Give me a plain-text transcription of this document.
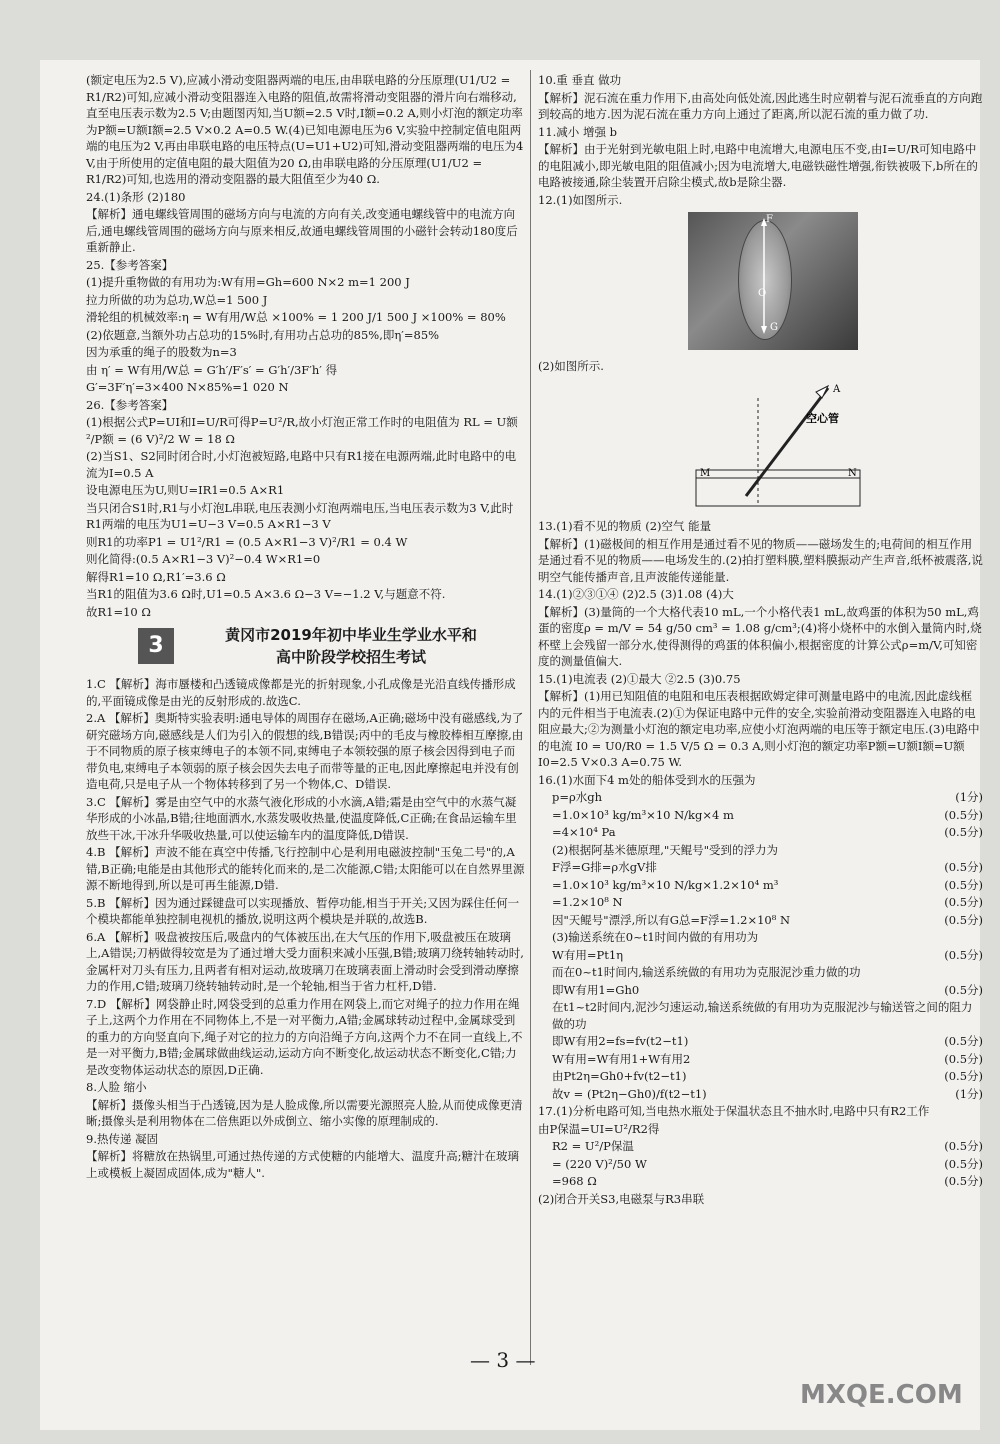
(额定电压为2.5 V),应减小滑动变阻器两端的电压,由串联电路的分压原理(U1/U2 = R1/R2)可知,应减小滑动变阻器连入电路的阻值,故需将滑动变阻器的滑片向右端移动,直至电压表示数为2.5 V;由题图丙知,当U额=2.5 V时,I额=0.2 A,则小灯泡的额定功率为P额=U额I额=2.5 V×0.2 A=0.5 W.(4)已知电源电压为6 V,实验中控制定值电阻两端的电压为2 V,再由串联电路的电压特点(U=U1+U2)可知,滑动变阻器两端的电压为4 V,由于所使用的定值电阻的最大阻值为20 Ω,由串联电路的分压原理(U1/U2 = R1/R2)可知,也选用的滑动变阻器的最大阻值至少为40 Ω.
24.(1)条形 (2)180
【解析】通电螺线管周围的磁场方向与电流的方向有关,改变通电螺线管中的电流方向后,通电螺线管周围的磁场方向与原来相反,故通电螺线管周围的小磁针会转动180度后重新静止.
25.【参考答案】
(1)提升重物做的有用功为:W有用=Gh=600 N×2 m=1 200 J
拉力所做的功为总功,W总=1 500 J
滑轮组的机械效率:η = W有用/W总 ×100% = 1 200 J/1 500 J ×100% = 80%
(2)依题意,当额外功占总功的15%时,有用功占总功的85%,即η′=85%
因为承重的绳子的股数为n=3
由 η′ = W有用/W总 = G′h′/F′s′ = G′h′/3F′h′ 得
G′=3F′η′=3×400 N×85%=1 020 N
26.【参考答案】
(1)根据公式P=UI和I=U/R可得P=U²/R,故小灯泡正常工作时的电阻值为 RL = U额²/P额 = (6 V)²/2 W = 18 Ω
(2)当S1、S2同时闭合时,小灯泡被短路,电路中只有R1接在电源两端,此时电路中的电流为I=0.5 A
设电源电压为U,则U=IR1=0.5 A×R1
当只闭合S1时,R1与小灯泡L串联,电压表测小灯泡两端电压,当电压表示数为3 V,此时R1两端的电压为U1=U−3 V=0.5 A×R1−3 V
则R1的功率P1 = U1²/R1 = (0.5 A×R1−3 V)²/R1 = 0.4 W
则化简得:(0.5 A×R1−3 V)²−0.4 W×R1=0
解得R1=10 Ω,R1′=3.6 Ω
当R1的阻值为3.6 Ω时,U1=0.5 A×3.6 Ω−3 V=−1.2 V,与题意不符.
故R1=10 Ω
3	黄冈市2019年初中毕业生学业水平和
高中阶段学校招生考试
1.C 【解析】海市蜃楼和凸透镜成像都是光的折射现象,小孔成像是光沿直线传播形成的,平面镜成像是由光的反射形成的.故选C.
2.A 【解析】奥斯特实验表明:通电导体的周围存在磁场,A正确;磁场中没有磁感线,为了研究磁场方向,磁感线是人们为引入的假想的线,B错误;丙中的毛皮与橡胶棒相互摩擦,由于不同物质的原子核束缚电子的本领不同,束缚电子本领较强的原子核会因得到电子而带负电,束缚电子本领弱的原子核会因失去电子而带等量的正电,因此摩擦起电并没有创造电荷,只是电子从一个物体转移到了另一个物体,C、D错误.
3.C 【解析】雾是由空气中的水蒸气液化形成的小水滴,A错;霜是由空气中的水蒸气凝华形成的小冰晶,B错;往地面洒水,水蒸发吸收热量,使温度降低,C正确;在食品运输车里放些干冰,干冰升华吸收热量,可以使运输车内的温度降低,D错误.
4.B 【解析】声波不能在真空中传播,飞行控制中心是利用电磁波控制"玉兔二号"的,A错,B正确;电能是由其他形式的能转化而来的,是二次能源,C错;太阳能可以在自然界里源源不断地得到,所以是可再生能源,D错.
5.B 【解析】因为通过踩键盘可以实现播放、暂停功能,相当于开关;又因为踩住任何一个模块都能单独控制电视机的播放,说明这两个模块是并联的,故选B.
6.A 【解析】吸盘被按压后,吸盘内的气体被压出,在大气压的作用下,吸盘被压在玻璃上,A错误;刀柄做得较宽是为了通过增大受力面积来减小压强,B错;玻璃刀绕转轴转动时,金属杆对刀头有压力,且两者有相对运动,故玻璃刀在玻璃表面上滑动时会受到滑动摩擦力的作用,C错;玻璃刀绕转轴转动时,是一个轮轴,相当于省力杠杆,D错.
7.D 【解析】网袋静止时,网袋受到的总重力作用在网袋上,而它对绳子的拉力作用在绳子上,这两个力作用在不同物体上,不是一对平衡力,A错;金属球转动过程中,金属球受到的重力的方向竖直向下,绳子对它的拉力的方向沿绳子方向,这两个力不在同一直线上,不是一对平衡力,B错;金属球做曲线运动,运动方向不断变化,故运动状态不断变化,C错;力是改变物体运动状态的原因,D正确.
8.人脸 缩小
【解析】摄像头相当于凸透镜,因为是人脸成像,所以需要光源照亮人脸,从而使成像更清晰;摄像头是利用物体在二倍焦距以外成倒立、缩小实像的原理制成的.
9.热传递 凝固
【解析】将糖放在热锅里,可通过热传递的方式使糖的内能增大、温度升高;糖汁在玻璃上或模板上凝固成固体,成为"糖人".
10.重 垂直 做功
【解析】泥石流在重力作用下,由高处向低处流,因此逃生时应朝着与泥石流垂直的方向跑到较高的地方.因为泥石流在重力方向上通过了距离,所以泥石流的重力做了功.
11.减小 增强 b
【解析】由于光射到光敏电阻上时,电路中电流增大,电源电压不变,由I=U/R可知电路中的电阻减小,即光敏电阻的阻值减小;因为电流增大,电磁铁磁性增强,衔铁被吸下,b所在的电路被接通,除尘装置开启除尘模式,故b是除尘器.
12.(1)如图所示.
F
O
G
(2)如图所示.
M	N
A
空心管
13.(1)看不见的物质 (2)空气 能量
【解析】(1)磁极间的相互作用是通过看不见的物质——磁场发生的;电荷间的相互作用是通过看不见的物质——电场发生的.(2)拍打塑料膜,塑料膜振动产生声音,纸杯被震落,说明空气能传播声音,且声波能传递能量.
14.(1)②③①④ (2)2.5 (3)1.08 (4)大
【解析】(3)量筒的一个大格代表10 mL,一个小格代表1 mL,故鸡蛋的体积为50 mL,鸡蛋的密度ρ = m/V = 54 g/50 cm³ = 1.08 g/cm³;(4)将小烧杯中的水倒入量筒内时,烧杯壁上会残留一部分水,使得测得的鸡蛋的体积偏小,根据密度的计算公式ρ=m/V,可知密度的测量值偏大.
15.(1)电流表 (2)①最大 ②2.5 (3)0.75
【解析】(1)用已知阻值的电阻和电压表根据欧姆定律可测量电路中的电流,因此虚线框内的元件相当于电流表.(2)①为保证电路中元件的安全,实验前滑动变阻器连入电路的电阻应最大;②为测量小灯泡的额定电功率,应使小灯泡两端的电压等于额定电压.(3)电路中的电流 I0 = U0/R0 = 1.5 V/5 Ω = 0.3 A,则小灯泡的额定功率P额=U额I额=U额I0=2.5 V×0.3 A=0.75 W.
16.(1)水面下4 m处的船体受到水的压强为
(1分)
p=ρ水gh
(0.5分)
=1.0×10³ kg/m³×10 N/kg×4 m
(0.5分)
=4×10⁴ Pa
(2)根据阿基米德原理,"天鲲号"受到的浮力为
(0.5分)
F浮=G排=ρ水gV排
(0.5分)
=1.0×10³ kg/m³×10 N/kg×1.2×10⁴ m³
(0.5分)
=1.2×10⁸ N
(0.5分)
因"天鲲号"漂浮,所以有G总=F浮=1.2×10⁸ N
(3)输送系统在0~t1时间内做的有用功为
(0.5分)
W有用=Pt1η
而在0~t1时间内,输送系统做的有用功为克服泥沙重力做的功
(0.5分)
即W有用1=Gh0
在t1~t2时间内,泥沙匀速运动,输送系统做的有用功为克服泥沙与输送管之间的阻力做的功
(0.5分)
即W有用2=fs=fv(t2−t1)
(0.5分)
W有用=W有用1+W有用2
(0.5分)
由Pt2η=Gh0+fv(t2−t1)
(1分)
故v = (Pt2η−Gh0)/f(t2−t1)
17.(1)分析电路可知,当电热水瓶处于保温状态且不抽水时,电路中只有R2工作
由P保温=UI=U²/R2得
(0.5分)
R2 = U²/P保温
(0.5分)
= (220 V)²/50 W
(0.5分)
=968 Ω
(2)闭合开关S3,电磁泵与R3串联
— 3 —
MXQE.COM
